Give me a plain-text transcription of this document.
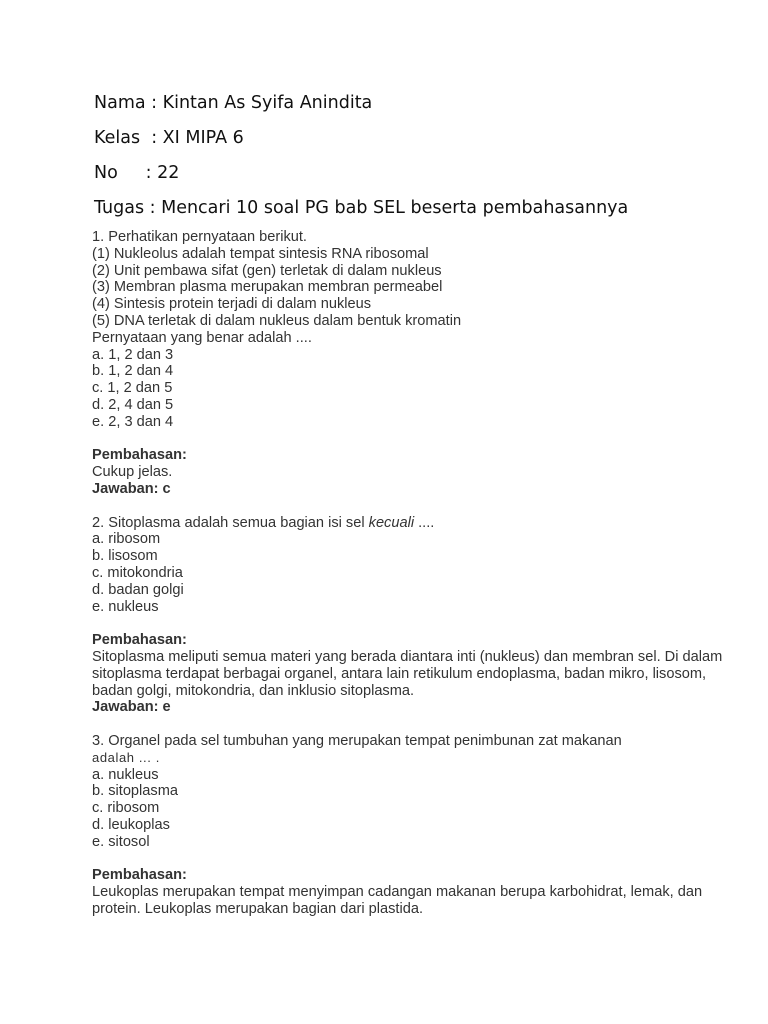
Nama : Kintan As Syifa Anindita
Kelas  : XI MIPA 6
No     : 22
Tugas : Mencari 10 soal PG bab SEL beserta pembahasannya
1. Perhatikan pernyataan berikut.
(1) Nukleolus adalah tempat sintesis RNA ribosomal
(2) Unit pembawa sifat (gen) terletak di dalam nukleus
(3) Membran plasma merupakan membran permeabel
(4) Sintesis protein terjadi di dalam nukleus
(5) DNA terletak di dalam nukleus dalam bentuk kromatin
Pernyataan yang benar adalah ....
a. 1, 2 dan 3
b. 1, 2 dan 4
c. 1, 2 dan 5
d. 2, 4 dan 5
e. 2, 3 dan 4
Pembahasan:
Cukup jelas.
Jawaban: c
2. Sitoplasma adalah semua bagian isi sel kecuali ....
a. ribosom
b. lisosom
c. mitokondria
d. badan golgi
e. nukleus
Pembahasan:
Sitoplasma meliputi semua materi yang berada diantara inti (nukleus) dan membran sel. Di dalam sitoplasma terdapat berbagai organel, antara lain retikulum endoplasma, badan mikro, lisosom, badan golgi, mitokondria, dan inklusio sitoplasma.
Jawaban: e
3. Organel pada sel tumbuhan yang merupakan tempat penimbunan zat makanan
adalah ... .
a. nukleus
b. sitoplasma
c. ribosom
d. leukoplas
e. sitosol
Pembahasan:
Leukoplas merupakan tempat menyimpan cadangan makanan berupa karbohidrat, lemak, dan protein. Leukoplas merupakan bagian dari plastida.
